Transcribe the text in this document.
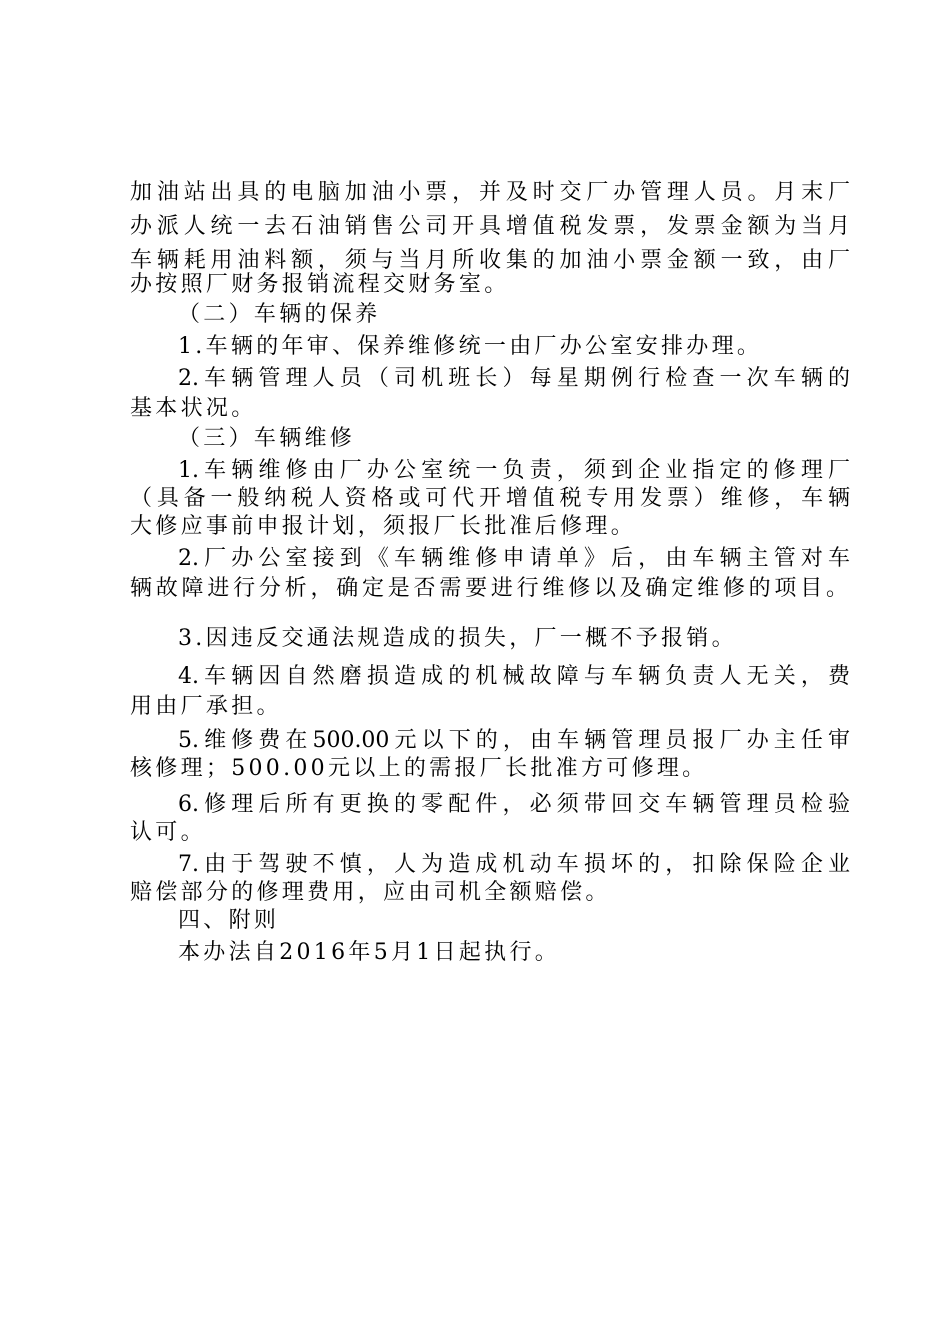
加油站出具的电脑加油小票，并及时交厂办管理人员。月末厂
办派人统一去石油销售公司开具增值税发票，发票金额为当月
车辆耗用油料额，须与当月所收集的加油小票金额一致，由厂
办按照厂财务报销流程交财务室。
（二）车辆的保养
1.车辆的年审、保养维修统一由厂办公室安排办理。
2.车辆管理人员（司机班长）每星期例行检查一次车辆的
基本状况。
（三）车辆维修
1.车辆维修由厂办公室统一负责，须到企业指定的修理厂
（具备一般纳税人资格或可代开增值税专用发票）维修，车辆
大修应事前申报计划，须报厂长批准后修理。
2.厂办公室接到《车辆维修申请单》后，由车辆主管对车
辆故障进行分析，确定是否需要进行维修以及确定维修的项目。
3.因违反交通法规造成的损失，厂一概不予报销。
4.车辆因自然磨损造成的机械故障与车辆负责人无关，费
用由厂承担。
5.维修费在500.00元以下的，由车辆管理员报厂办主任审
核修理；500.00元以上的需报厂长批准方可修理。
6.修理后所有更换的零配件，必须带回交车辆管理员检验
认可。
7.由于驾驶不慎，人为造成机动车损坏的，扣除保险企业
赔偿部分的修理费用，应由司机全额赔偿。
四、附则
本办法自2016年5月1日起执行。
